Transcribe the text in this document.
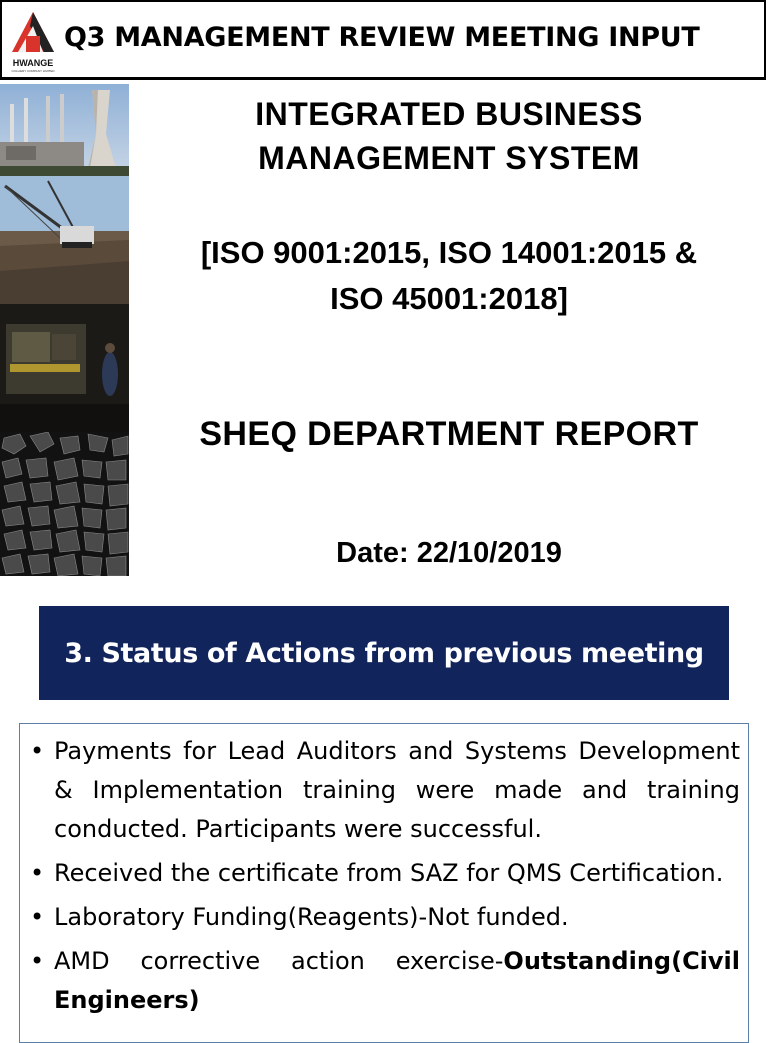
HWANGE
COLLIERY COMPANY LIMITED
Q3 MANAGEMENT REVIEW MEETING INPUT
INTEGRATED BUSINESS
MANAGEMENT SYSTEM
[ISO 9001:2015, ISO 14001:2015 &
ISO 45001:2018]
SHEQ DEPARTMENT REPORT
Date: 22/10/2019
3. Status of Actions from previous meeting
• Payments for Lead Auditors and Systems Development & Implementation training were made and training conducted. Participants were successful.
• Received the certificate from SAZ for QMS Certification.
• Laboratory Funding(Reagents)-Not funded.
• AMD corrective action exercise-Outstanding(Civil Engineers)
